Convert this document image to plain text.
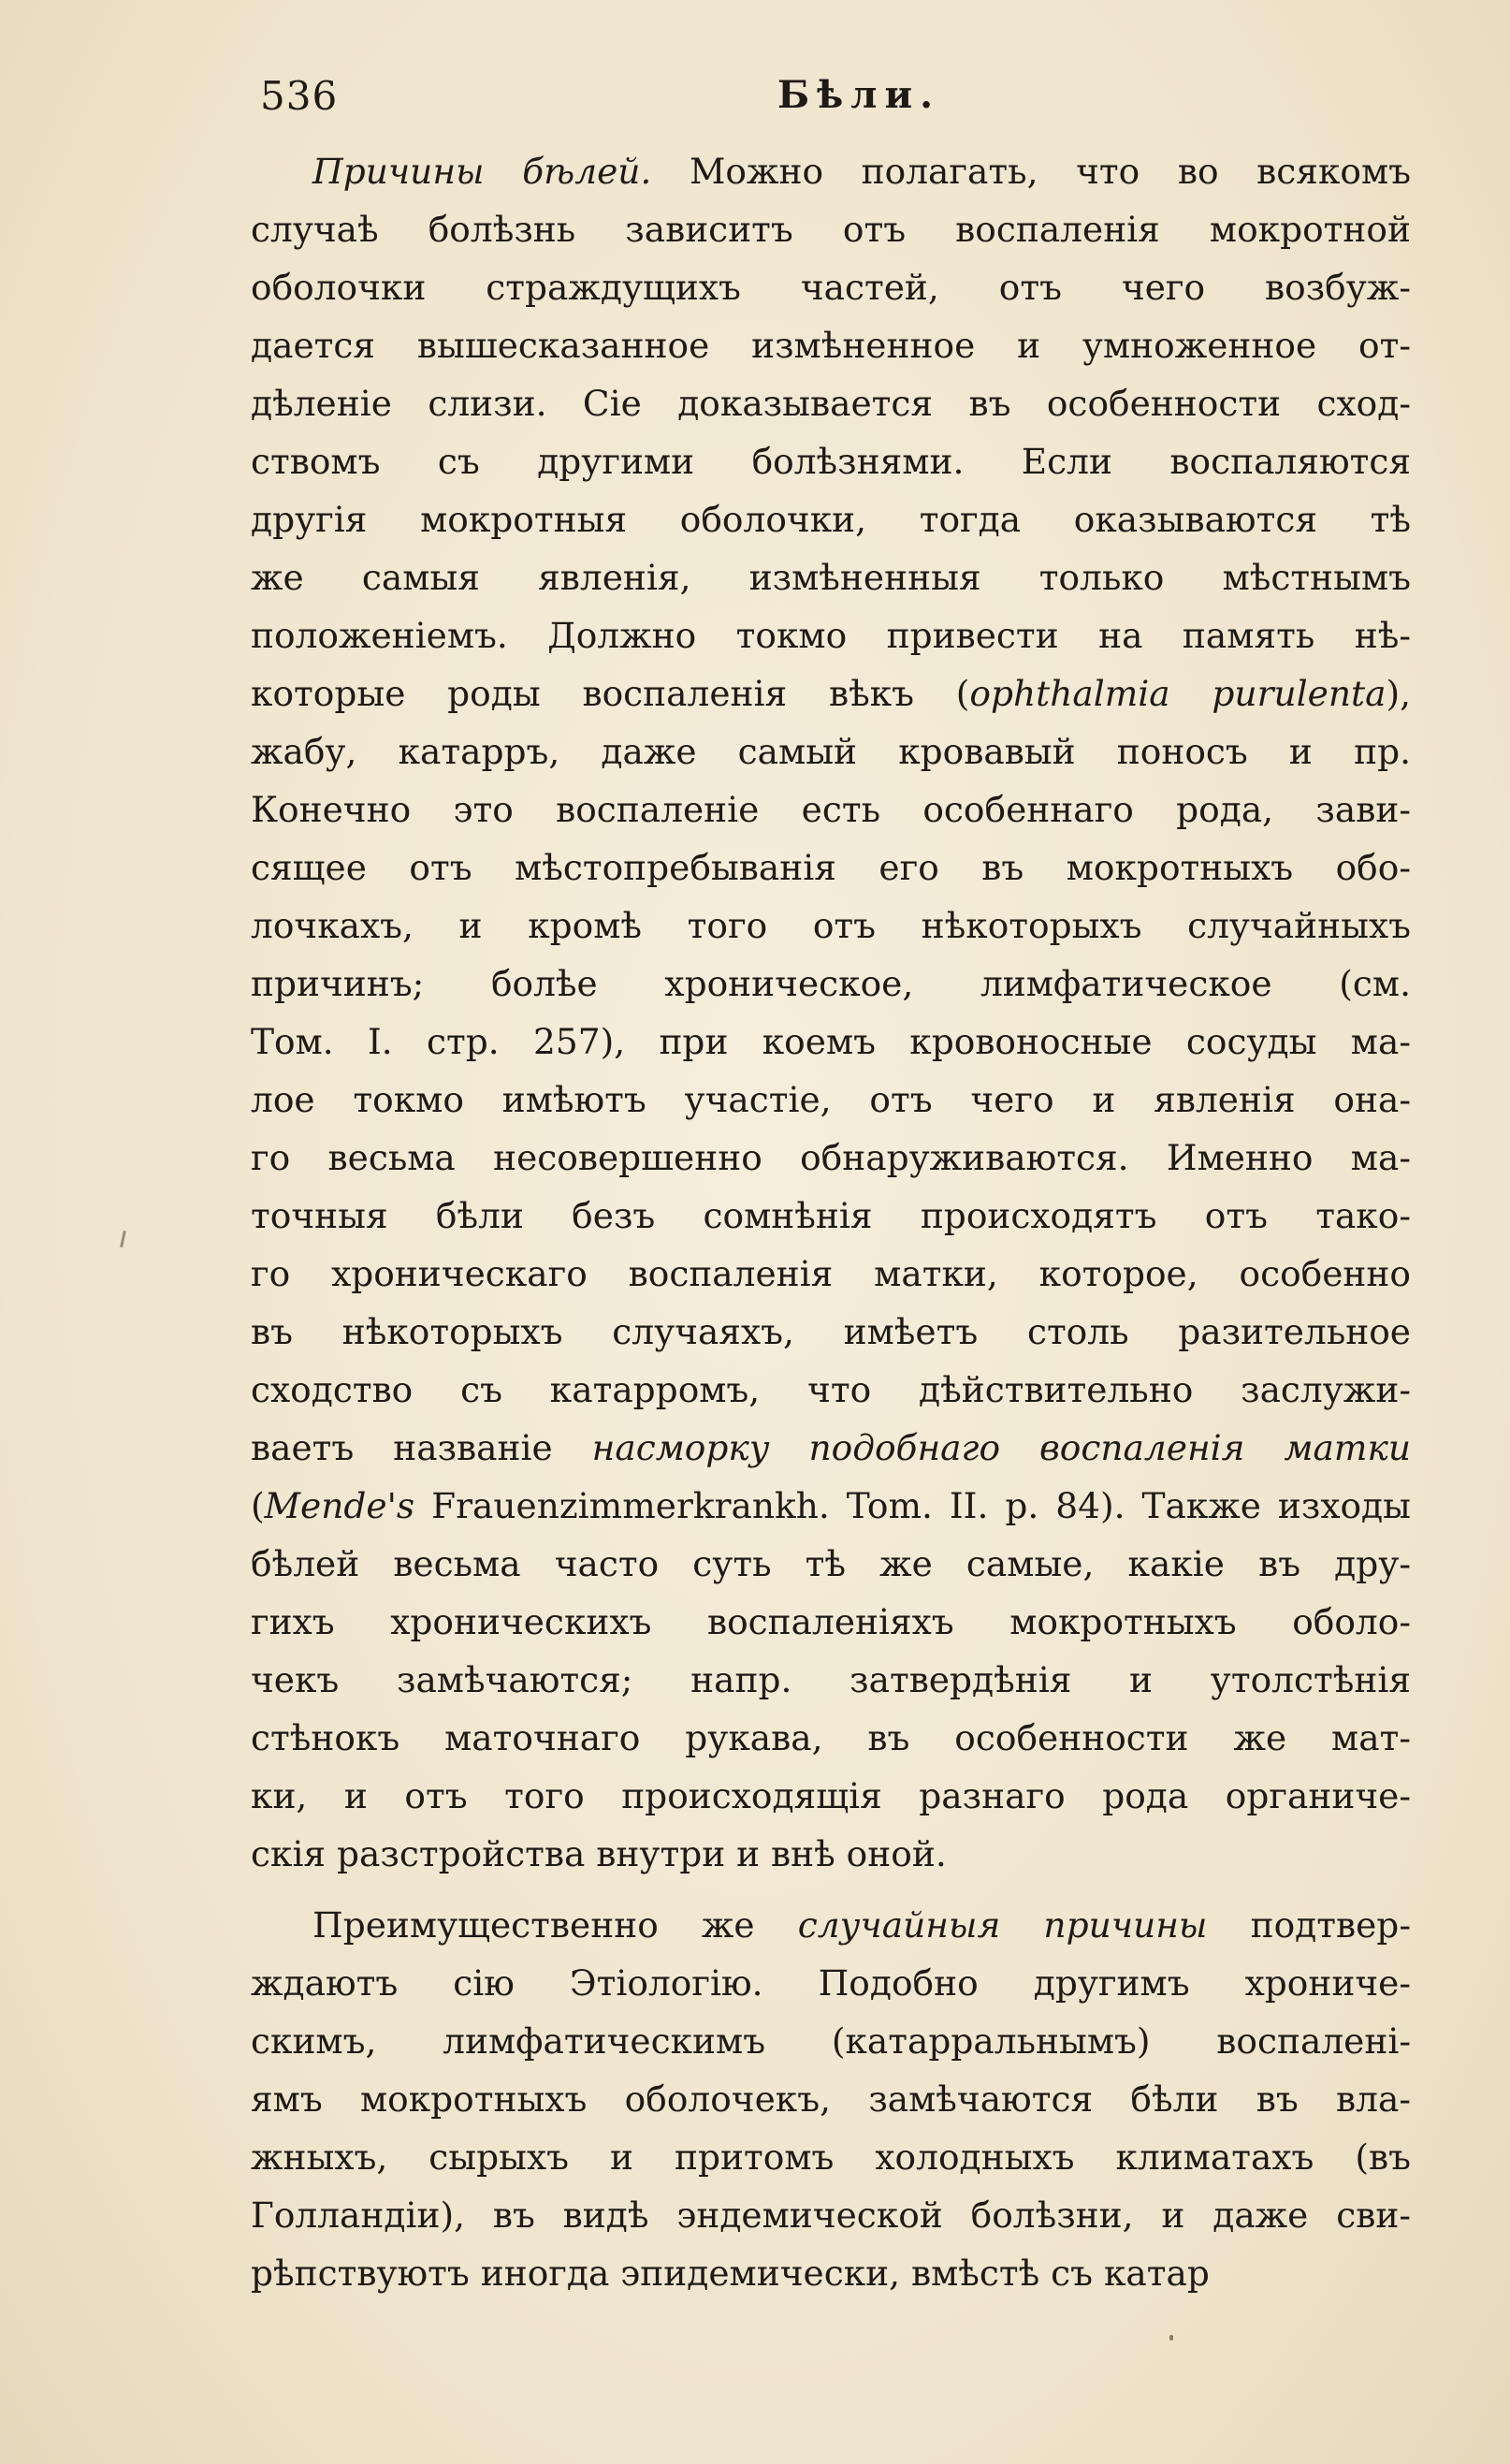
536	Бѣли.
Причины бѣлей. Можно полагать, что во всякомъ
случаѣ болѣзнь зависитъ отъ воспаленія мокротной
оболочки страждущихъ частей, отъ чего возбуж-
дается вышесказанное измѣненное и умноженное от-
дѣленіе слизи. Сіе доказывается въ особенности сход-
ствомъ съ другими болѣзнями. Если воспаляются
другія мокротныя оболочки, тогда оказываются тѣ
же самыя явленія, измѣненныя только мѣстнымъ
положеніемъ. Должно токмо привести на память нѣ-
которые роды воспаленія вѣкъ (ophthalmia purulenta),
жабу, катарръ, даже самый кровавый поносъ и пр.
Конечно это воспаленіе есть особеннаго рода, зави-
сящее отъ мѣстопребыванія его въ мокротныхъ обо-
лочкахъ, и кромѣ того отъ нѣкоторыхъ случайныхъ
причинъ; болѣе хроническое, лимфатическое (см.
Том. I. стр. 257), при коемъ кровоносные сосуды ма-
лое токмо имѣютъ участіе, отъ чего и явленія она-
го весьма несовершенно обнаруживаются. Именно ма-
точныя бѣли безъ сомнѣнія происходятъ отъ тако-
го хроническаго воспаленія матки, которое, особенно
въ нѣкоторыхъ случаяхъ, имѣетъ столь разительное
сходство съ катарромъ, что дѣйствительно заслужи-
ваетъ названіе насморку подобнаго воспаленія матки
(Mende's Frauenzimmerkrankh. Tom. II. p. 84). Также изходы
бѣлей весьма часто суть тѣ же самые, какіе въ дру-
гихъ хроническихъ воспаленіяхъ мокротныхъ оболо-
чекъ замѣчаются; напр. затвердѣнія и утолстѣнія
стѣнокъ маточнаго рукава, въ особенности же мат-
ки, и отъ того происходящія разнаго рода органиче-
скія разстройства внутри и внѣ оной.
Преимущественно же случайныя причины подтвер-
ждаютъ сію Этіологію. Подобно другимъ хрониче-
скимъ, лимфатическимъ (катарральнымъ) воспалені-
ямъ мокротныхъ оболочекъ, замѣчаются бѣли въ вла-
жныхъ, сырыхъ и притомъ холодныхъ климатахъ (въ
Голландіи), въ видѣ эндемической болѣзни, и даже сви-
рѣпствуютъ иногда эпидемически, вмѣстѣ съ катар
